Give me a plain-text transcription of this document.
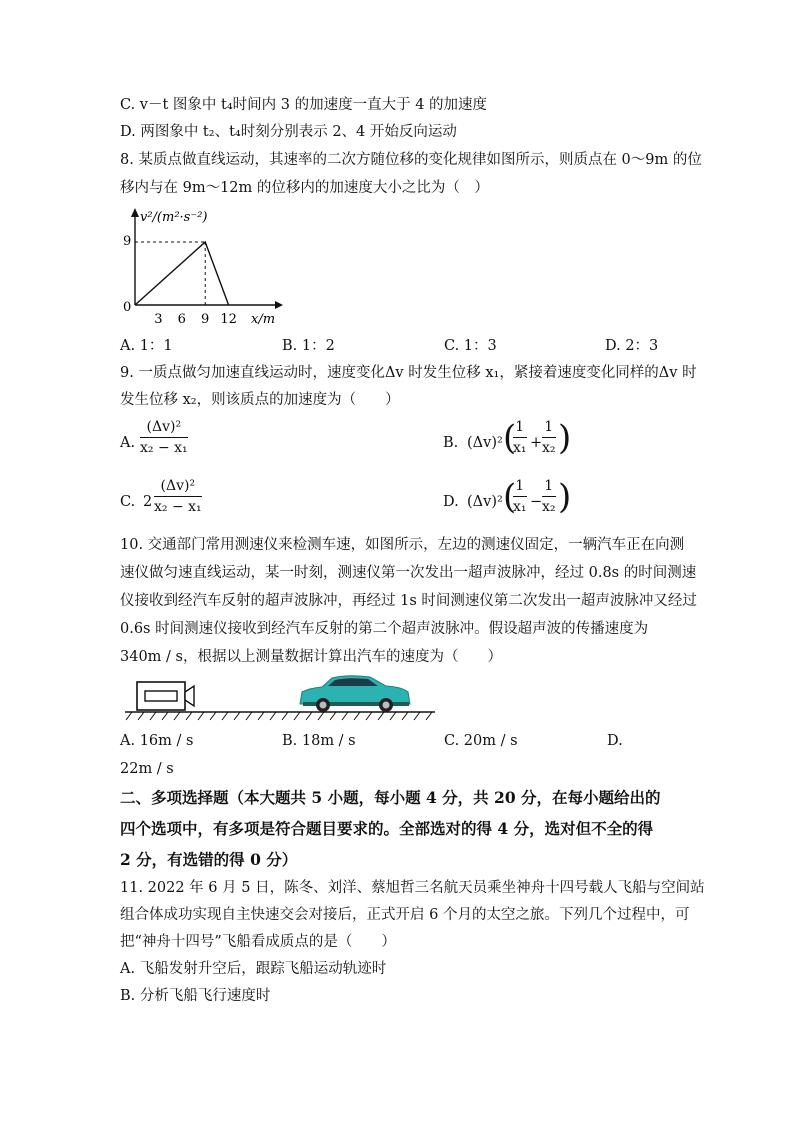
C. v－t 图象中 t₄时间内 3 的加速度一直大于 4 的加速度
D. 两图象中 t₂、t₄时刻分别表示 2、4 开始反向运动
8. 某质点做直线运动，其速率的二次方随位移的变化规律如图所示，则质点在 0～9m 的位
移内与在 9m～12m 的位移内的加速度大小之比为（　）
v²/(m²·s⁻²)
9
0
3 6 9 12 x/m
A. 1：1	B. 1：2	C. 1：3	D. 2：3
9. 一质点做匀加速直线运动时，速度变化Δv 时发生位移 x₁，紧接着速度变化同样的Δv 时
发生位移 x₂，则该质点的加速度为（　　）
A.
(Δv)²
x₂ − x₁	B. (Δv)² ( 1
x₁ +
1
x₂ )
C. 2
(Δv)²
x₂ − x₁	D. (Δv)² ( 1
x₁ −
1
x₂ )
10. 交通部门常用测速仪来检测车速，如图所示，左边的测速仪固定，一辆汽车正在向测
速仪做匀速直线运动，某一时刻，测速仪第一次发出一超声波脉冲，经过 0.8s 的时间测速
仪接收到经汽车反射的超声波脉冲，再经过 1s 时间测速仪第二次发出一超声波脉冲又经过
0.6s 时间测速仪接收到经汽车反射的第二个超声波脉冲。假设超声波的传播速度为
340m / s，根据以上测量数据计算出汽车的速度为（　　）
A. 16m / s	B. 18m / s	C. 20m / s	D.
22m / s
二、多项选择题（本大题共 5 小题，每小题 4 分，共 20 分，在每小题给出的
四个选项中，有多项是符合题目要求的。全部选对的得 4 分，选对但不全的得
2 分，有选错的得 0 分）
11. 2022 年 6 月 5 日，陈冬、刘洋、蔡旭哲三名航天员乘坐神舟十四号载人飞船与空间站
组合体成功实现自主快速交会对接后，正式开启 6 个月的太空之旅。下列几个过程中，可
把“神舟十四号”飞船看成质点的是（　　）
A. 飞船发射升空后，跟踪飞船运动轨迹时
B. 分析飞船飞行速度时
